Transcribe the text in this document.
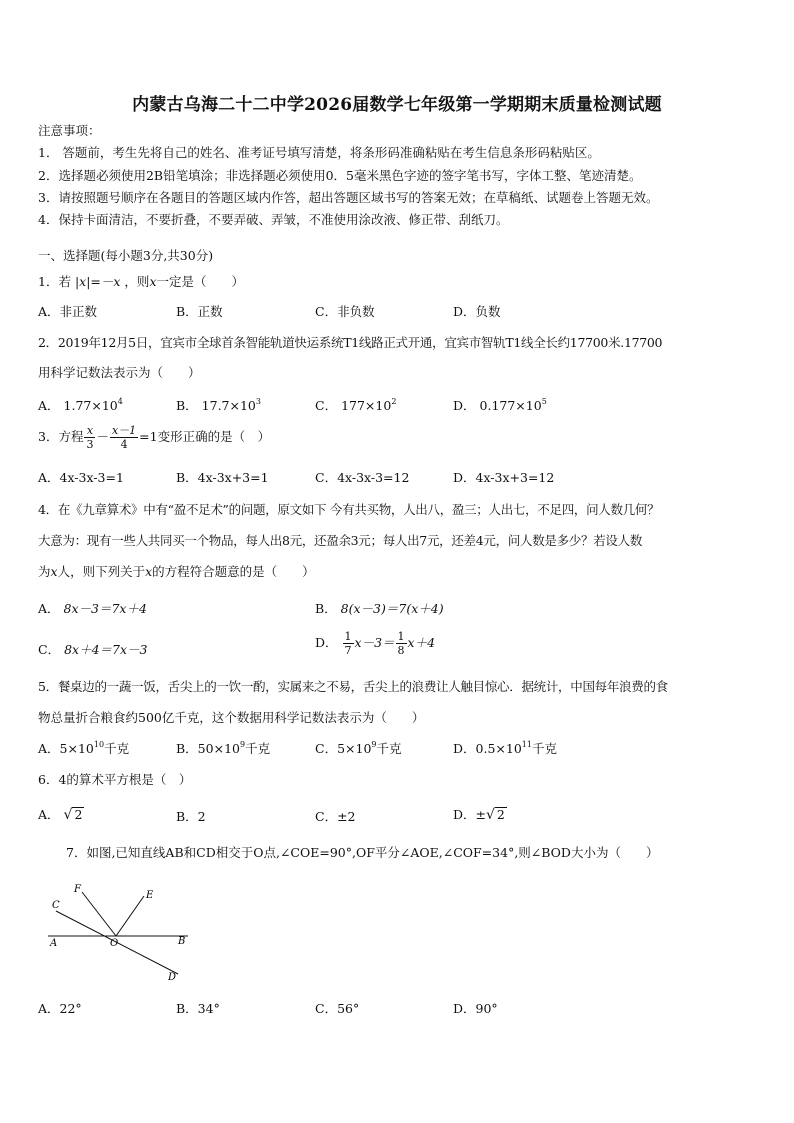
内蒙古乌海二十二中学2026届数学七年级第一学期期末质量检测试题
注意事项：
1． 答题前，考生先将自己的姓名、准考证号填写清楚，将条形码准确粘贴在考生信息条形码粘贴区。
2．选择题必须使用2B铅笔填涂；非选择题必须使用0．5毫米黑色字迹的签字笔书写，字体工整、笔迹清楚。
3．请按照题号顺序在各题目的答题区域内作答，超出答题区域书写的答案无效；在草稿纸、试题卷上答题无效。
4．保持卡面清洁，不要折叠，不要弄破、弄皱，不准使用涂改液、修正带、刮纸刀。
一、选择题(每小题3分,共30分)
1．若 |x|=－x ，则x一定是（　　）
A．非正数	B．正数	C．非负数	D．负数
2．2019年12月5日，宜宾市全球首条智能轨道快运系统T1线路正式开通，宜宾市智轨T1线全长约17700米.17700
用科学记数法表示为（　　）
A． $1.77\times 10^4$	B． $17.7\times 10^3$	C． $177\times 10^2$	D． $0.177\times 10^5$
3．方程 $\frac{x}{3} - \frac{x-1}{4} =1$变形正确的是（　）
A．4x-3x-3=1	B．4x-3x+3=1	C．4x-3x-3=12	D．4x-3x+3=12
4．在《九章算术》中有“盈不足术”的问题，原文如下 今有共买物，人出八，盈三；人出七，不足四，问人数几何？
大意为：现有一些人共同买一个物品，每人出8元，还盈余3元；每人出7元，还差4元，问人数是多少？若设人数
为x人，则下列关于x的方程符合题意的是（　　）
A． 8x－3＝7x＋4	B． 8(x－3)＝7(x＋4)
C． 8x＋4＝7x－3	D． $\frac{1}{7} x-3= \frac{1}{8} x+4$
5．餐桌边的一蔬一饭，舌尖上的一饮一酌，实属来之不易，舌尖上的浪费让人触目惊心．据统计，中国每年浪费的食
物总量折合粮食约500亿千克，这个数据用科学记数法表示为（　　）
A．$5\times 10^{10}$千克	B．$50\times 10^9$千克	C．$5\times 10^9$千克	D．$0.5\times 10^{11}$千克
6．4的算术平方根是（　）
A． √ 2	B．2	C．±2	D．±√ 2
7．如图,已知直线AB和CD相交于O点,∠COE=90°,OF平分∠AOE,∠COF=34°,则∠BOD大小为（　　）
F
E
C
A	O	B
D
A．22°	B．34°	C．56°	D．90°
